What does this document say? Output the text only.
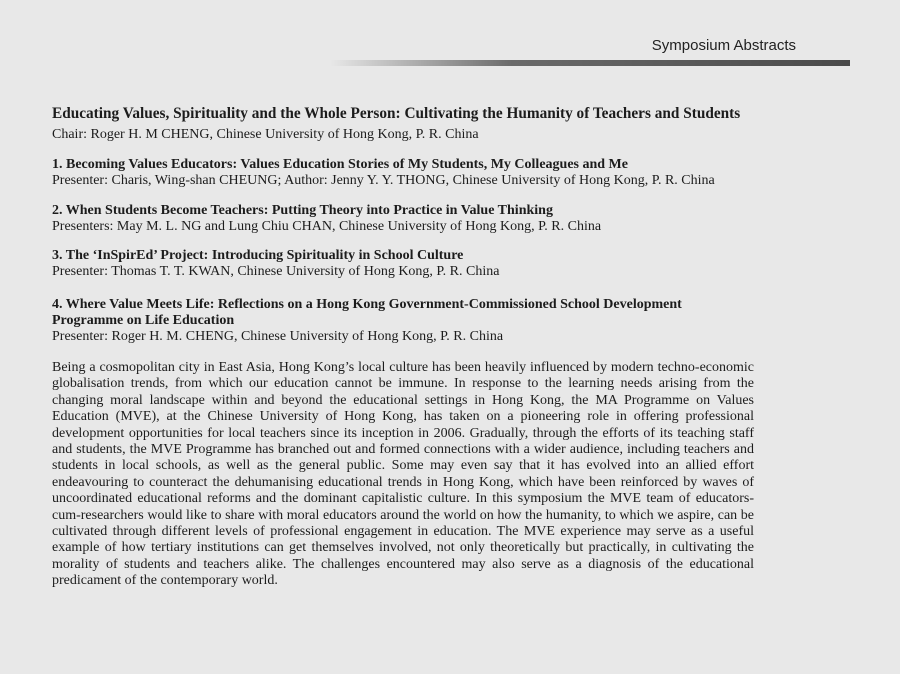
Symposium Abstracts
Educating Values, Spirituality and the Whole Person: Cultivating the Humanity of Teachers and Students
Chair: Roger H. M CHENG, Chinese University of Hong Kong, P. R. China
1. Becoming Values Educators: Values Education Stories of My Students, My Colleagues and Me
Presenter: Charis, Wing-shan CHEUNG; Author: Jenny Y. Y. THONG, Chinese University of Hong Kong, P. R. China
2. When Students Become Teachers: Putting Theory into Practice in Value Thinking
Presenters: May M. L. NG and Lung Chiu CHAN, Chinese University of Hong Kong, P. R. China
3. The ‘InSpirEd’ Project: Introducing Spirituality in School Culture
Presenter: Thomas T. T. KWAN, Chinese University of Hong Kong, P. R. China
4. Where Value Meets Life: Reflections on a Hong Kong Government-Commissioned School Development Programme on Life Education
Presenter: Roger H. M. CHENG, Chinese University of Hong Kong, P. R. China

Being a cosmopolitan city in East Asia, Hong Kong’s local culture has been heavily influenced by modern techno-economic globalisation trends, from which our education cannot be immune. In response to the learning needs arising from the changing moral landscape within and beyond the educational settings in Hong Kong, the MA Programme on Values Education (MVE), at the Chinese University of Hong Kong, has taken on a pioneering role in offering professional development opportunities for local teachers since its inception in 2006. Gradually, through the efforts of its teaching staff and students, the MVE Programme has branched out and formed connections with a wider audience, including teachers and students in local schools, as well as the general public. Some may even say that it has evolved into an allied effort endeavouring to counteract the dehumanising educational trends in Hong Kong, which have been reinforced by waves of uncoordinated educational reforms and the dominant capitalistic culture. In this symposium the MVE team of educators-cum-researchers would like to share with moral educators around the world on how the humanity, to which we aspire, can be cultivated through different levels of professional engagement in education. The MVE experience may serve as a useful example of how tertiary institutions can get themselves involved, not only theoretically but practically, in cultivating the morality of students and teachers alike. The challenges encountered may also serve as a diagnosis of the educational predicament of the contemporary world.
